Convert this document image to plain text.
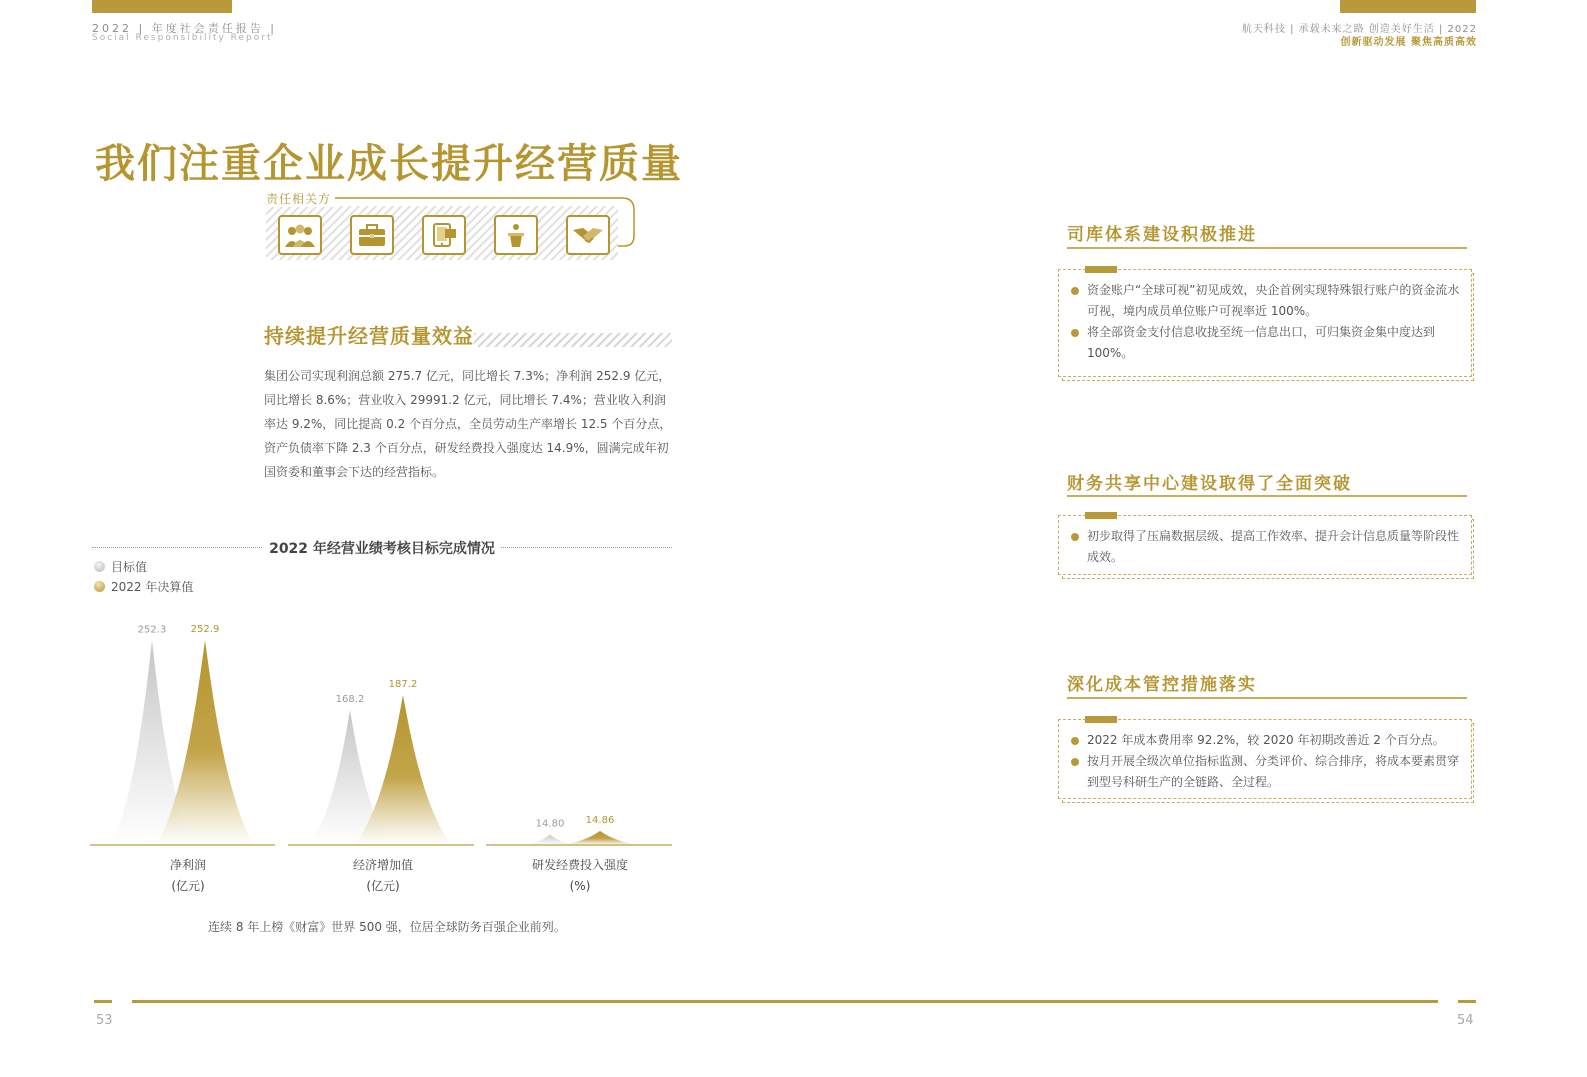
2022 | 年度社会责任报告 |
Social Responsibility Report
航天科技 | 承载未来之路 创造美好生活 | 2022
创新驱动发展 聚焦高质高效
我们注重企业成长提升经营质量
责任相关方
持续提升经营质量效益
集团公司实现利润总额 275.7 亿元，同比增长 7.3%；净利润 252.9 亿元，同比增长 8.6%；营业收入 29991.2 亿元，同比增长 7.4%；营业收入利润率达 9.2%，同比提高 0.2 个百分点，全员劳动生产率增长 12.5 个百分点，资产负债率下降 2.3 个百分点，研发经费投入强度达 14.9%，圆满完成年初国资委和董事会下达的经营指标。
2022 年经营业绩考核目标完成情况
目标值
2022 年决算值
252.3 252.9
168.2
187.2
14.80 14.86
净利润
(亿元)
经济增加值
(亿元)
研发经费投入强度
(%)
连续 8 年上榜《财富》世界 500 强，位居全球防务百强企业前列。
司库体系建设积极推进

资金账户“全球可视”初见成效，央企首例实现特殊银行账户的资金流水可视，境内成员单位账户可视率近 100%。

将全部资金支付信息收拢至统一信息出口，可归集资金集中度达到 100%。

财务共享中心建设取得了全面突破

初步取得了压扁数据层级、提高工作效率、提升会计信息质量等阶段性成效。

深化成本管控措施落实

2022 年成本费用率 92.2%，较 2020 年初期改善近 2 个百分点。

按月开展全级次单位指标监测、分类评价、综合排序，将成本要素贯穿到型号科研生产的全链路、全过程。

53	54
